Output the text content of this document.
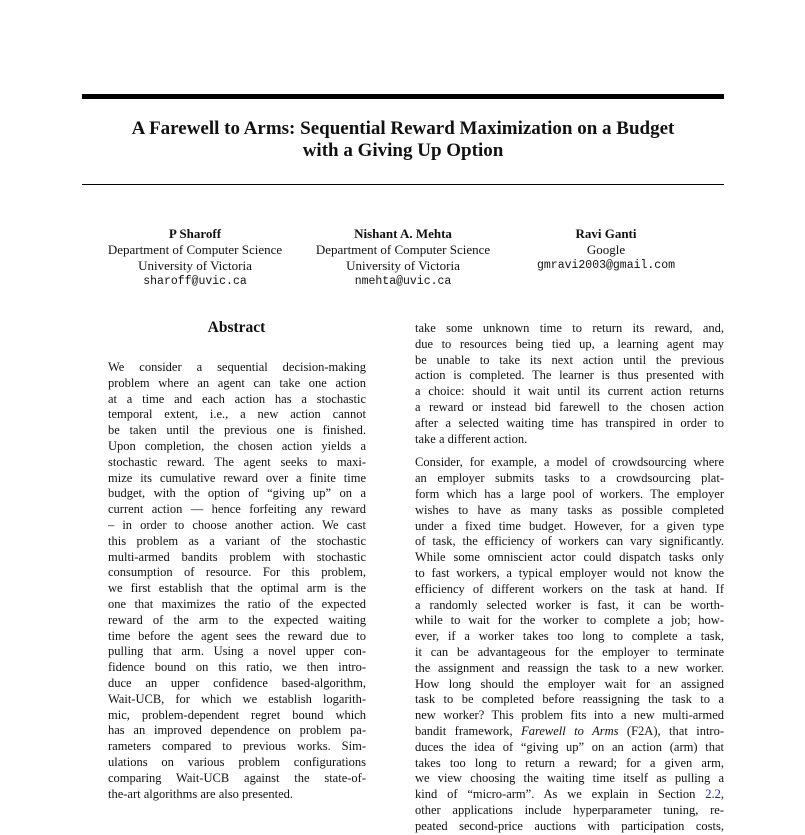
A Farewell to Arms: Sequential Reward Maximization on a Budget
with a Giving Up Option
P Sharoff
Department of Computer Science
University of Victoria
sharoff@uvic.ca
Nishant A. Mehta
Department of Computer Science
University of Victoria
nmehta@uvic.ca
Ravi Ganti
Google
gmravi2003@gmail.com
Abstract
We consider a sequential decision-making
problem where an agent can take one action
at a time and each action has a stochastic
temporal extent, i.e., a new action cannot
be taken until the previous one is finished.
Upon completion, the chosen action yields a
stochastic reward. The agent seeks to maxi-
mize its cumulative reward over a finite time
budget, with the option of “giving up” on a
current action — hence forfeiting any reward
– in order to choose another action. We cast
this problem as a variant of the stochastic
multi-armed bandits problem with stochastic
consumption of resource. For this problem,
we first establish that the optimal arm is the
one that maximizes the ratio of the expected
reward of the arm to the expected waiting
time before the agent sees the reward due to
pulling that arm. Using a novel upper con-
fidence bound on this ratio, we then intro-
duce an upper confidence based-algorithm,
Wait-UCB, for which we establish logarith-
mic, problem-dependent regret bound which
has an improved dependence on problem pa-
rameters compared to previous works. Sim-
ulations on various problem configurations
comparing Wait-UCB against the state-of-
the-art algorithms are also presented.
take some unknown time to return its reward, and,
due to resources being tied up, a learning agent may
be unable to take its next action until the previous
action is completed. The learner is thus presented with
a choice: should it wait until its current action returns
a reward or instead bid farewell to the chosen action
after a selected waiting time has transpired in order to
take a different action.
Consider, for example, a model of crowdsourcing where
an employer submits tasks to a crowdsourcing plat-
form which has a large pool of workers. The employer
wishes to have as many tasks as possible completed
under a fixed time budget. However, for a given type
of task, the efficiency of workers can vary significantly.
While some omniscient actor could dispatch tasks only
to fast workers, a typical employer would not know the
efficiency of different workers on the task at hand. If
a randomly selected worker is fast, it can be worth-
while to wait for the worker to complete a job; how-
ever, if a worker takes too long to complete a task,
it can be advantageous for the employer to terminate
the assignment and reassign the task to a new worker.
How long should the employer wait for an assigned
task to be completed before reassigning the task to a
new worker? This problem fits into a new multi-armed
bandit framework, Farewell to Arms (F2A), that intro-
duces the idea of “giving up” on an action (arm) that
takes too long to return a reward; for a given arm,
we view choosing the waiting time itself as pulling a
kind of “micro-arm”. As we explain in Section 2.2,
other applications include hyperparameter tuning, re-
peated second-price auctions with participation costs,
